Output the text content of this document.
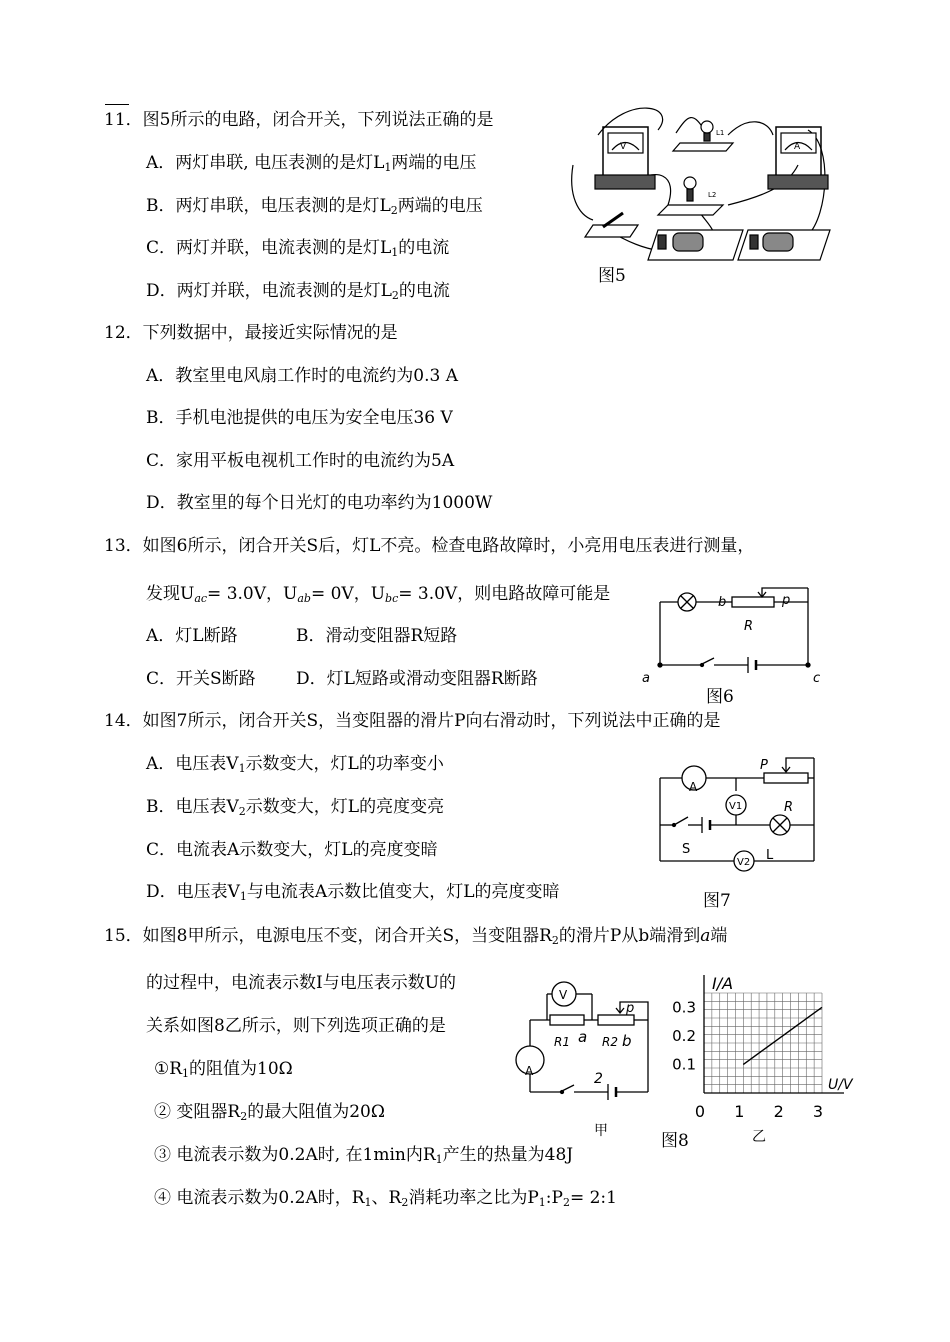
11．图5所示的电路，闭合开关，下列说法正确的是
A．两灯串联, 电压表测的是灯$L_1$两端的电压
B．两灯串联，电压表测的是灯$L_2$两端的电压
C．两灯并联，电流表测的是灯$L_1$的电流
D．两灯并联，电流表测的是灯$L_2$的电流
V	A
L1
L2
图5
12．下列数据中，最接近实际情况的是
A．教室里电风扇工作时的电流约为0.3 A
B．手机电池提供的电压为安全电压36 V
C．家用平板电视机工作时的电流约为5A
D．教室里的每个日光灯的电功率约为1000W
13．如图6所示，闭合开关S后，灯L不亮。检查电路故障时，小亮用电压表进行测量，
发现$U_{ac}= 3.0V$，$U_{ab}= 0V$，$U_{bc}= 3.0V$，则电路故障可能是
A．灯L断路	B．滑动变阻器R短路
C．开关S断路 D．灯L短路或滑动变阻器R断路
b	p
R
a	c
图6
14．如图7所示，闭合开关S，当变阻器的滑片P向右滑动时，下列说法中正确的是
A．电压表$V_1$示数变大，灯L的功率变小
B．电压表$V_2$示数变大，灯L的亮度变亮
C．电流表A示数变大，灯L的亮度变暗
D．电压表$V_1$与电流表A示数比值变大，灯L的亮度变暗
A
V1
V2
P
R
S	L
图7
15．如图8甲所示，电源电压不变，闭合开关S，当变阻器$R_2$的滑片P从b端滑到a端
的过程中，电流表示数I与电压表示数U的
关系如图8乙所示，则下列选项正确的是
$①R_1$的阻值为10Ω
② 变阻器$R_2$的最大阻值为20Ω
③ 电流表示数为0.2A时, 在1min内$R_1$产生的热量为48J
④ 电流表示数为0.2A时，$R_1$、$R_2$消耗功率之比为$P_1:P_2=$ 2:1
V
A
R1	R2
p
a b
2
甲
0 1 2 3
0.1
0.2
0.3
I/A
U/V
图8	乙
